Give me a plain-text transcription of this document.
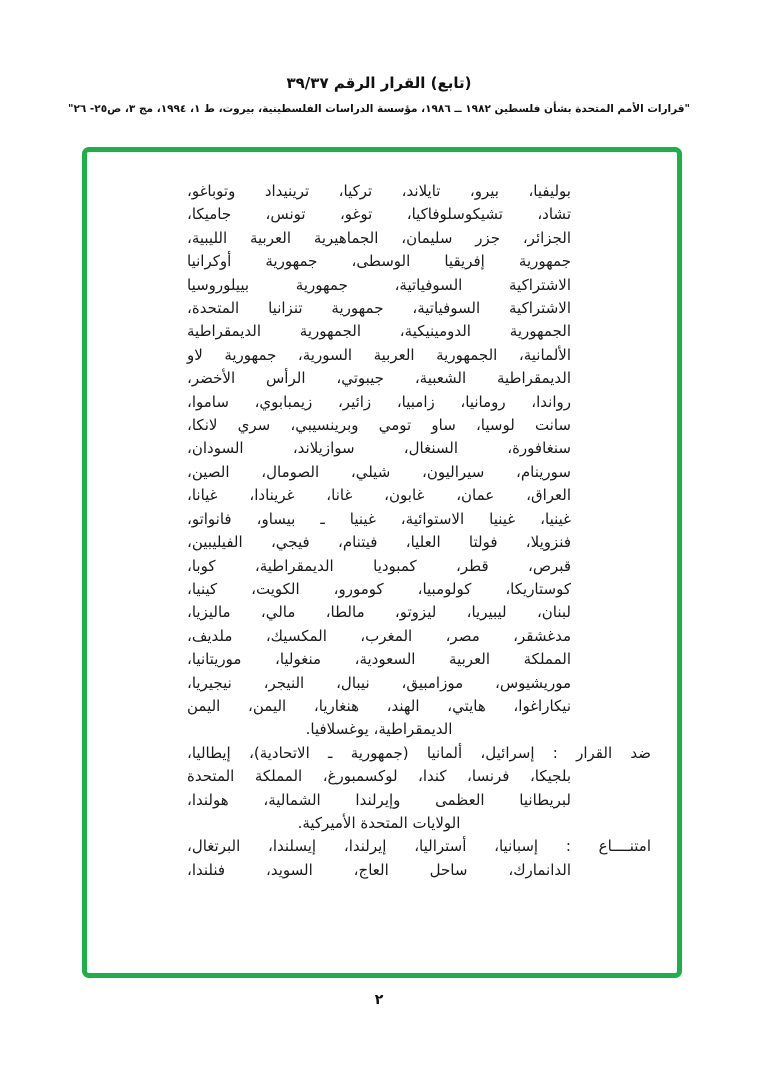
(تابع) القرار الرقم ٣٩/٣٧
"قرارات الأمم المتحدة بشأن فلسطين ١٩٨٢ ــ ١٩٨٦، مؤسسة الدراسات الفلسطينية، بيروت، ط ١، ١٩٩٤، مج ٣، ص٢٥- ٢٦"
بوليفيا، بيرو، تايلاند، تركيا، ترينيداد وتوباغو،
تشاد، تشيكوسلوفاكيا، توغو، تونس، جاميكا،
الجزائر، جزر سليمان، الجماهيرية العربية الليبية،
جمهورية إفريقيا الوسطى، جمهورية أوكرانيا
الاشتراكية السوفياتية، جمهورية بييلوروسيا
الاشتراكية السوفياتية، جمهورية تنزانيا المتحدة،
الجمهورية الدومينيكية، الجمهورية الديمقراطية
الألمانية، الجمهورية العربية السورية، جمهورية لاو
الديمقراطية الشعبية، جيبوتي، الرأس الأخضر،
رواندا، رومانيا، زامبيا، زائير، زيمبابوي، ساموا،
سانت لوسيا، ساو تومي وبرينسيبي، سري لانكا،
سنغافورة، السنغال، سوازيلاند، السودان،
سورينام، سيراليون، شيلي، الصومال، الصين،
العراق، عمان، غابون، غانا، غرينادا، غيانا،
غينيا، غينيا الاستوائية، غينيا ـ بيساو، فانواتو،
فنزويلا، فولتا العليا، فيتنام، فيجي، الفيليبين،
قبرص، قطر، كمبوديا الديمقراطية، كوبا،
كوستاريكا، كولومبيا، كومورو، الكويت، كينيا،
لبنان، ليبيريا، ليزوتو، مالطا، مالي، ماليزيا،
مدغشقر، مصر، المغرب، المكسيك، ملديف،
المملكة العربية السعودية، منغوليا، موريتانيا،
موريشيوس، موزامبيق، نيبال، النيجر، نيجيريا،
نيكاراغوا، هايتي، الهند، هنغاريا، اليمن، اليمن
الديمقراطية، يوغسلافيا.
ضد القرار : إسرائيل، ألمانيا (جمهورية ـ الاتحادية)، إيطاليا،
بلجيكا، فرنسا، كندا، لوكسمبورغ، المملكة المتحدة
لبريطانيا العظمى وإيرلندا الشمالية، هولندا،
الولايات المتحدة الأميركية.
امتنــــاع : إسبانيا، أستراليا، إيرلندا، إيسلندا، البرتغال،
الدانمارك، ساحل العاج، السويد، فنلندا،
٢
